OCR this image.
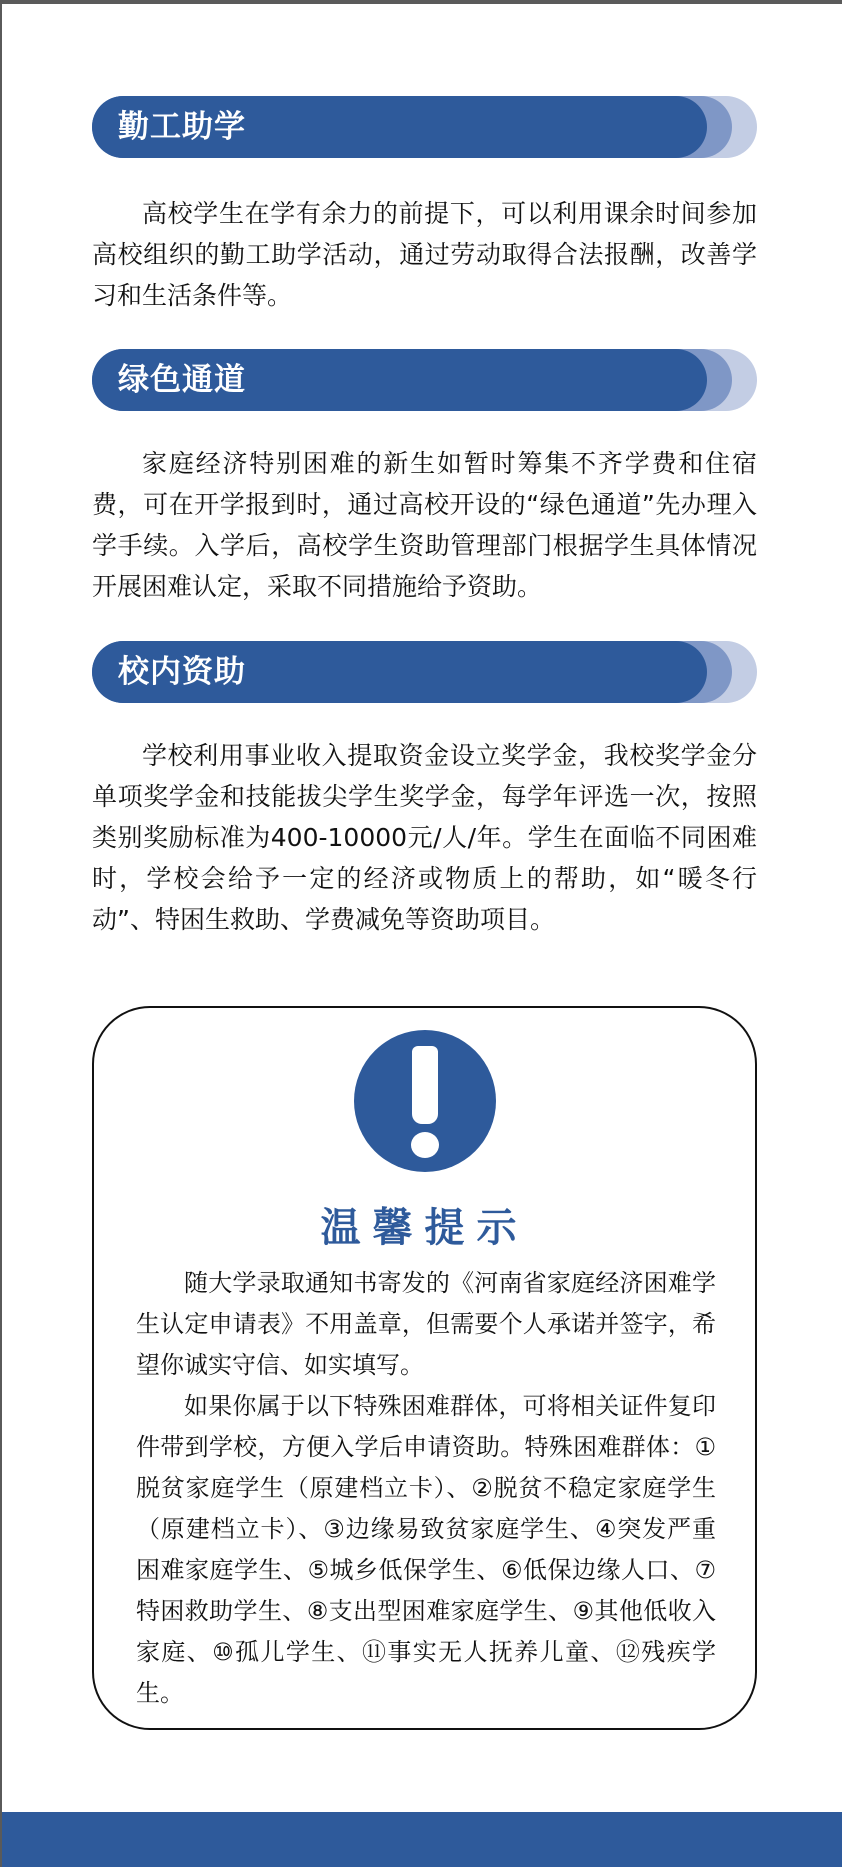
勤工助学

高校学生在学有余力的前提下，可以利用课余时间参加高校组织的勤工助学活动，通过劳动取得合法报酬，改善学习和生活条件等。

绿色通道

家庭经济特别困难的新生如暂时筹集不齐学费和住宿费，可在开学报到时，通过高校开设的“绿色通道”先办理入学手续。入学后，高校学生资助管理部门根据学生具体情况开展困难认定，采取不同措施给予资助。

校内资助

学校利用事业收入提取资金设立奖学金，我校奖学金分单项奖学金和技能拔尖学生奖学金，每学年评选一次，按照类别奖励标准为400-10000元/人/年。学生在面临不同困难时，学校会给予一定的经济或物质上的帮助，如“暖冬行动”、特困生救助、学费减免等资助项目。

温馨提示

随大学录取通知书寄发的《河南省家庭经济困难学生认定申请表》不用盖章，但需要个人承诺并签字，希望你诚实守信、如实填写。

如果你属于以下特殊困难群体，可将相关证件复印件带到学校，方便入学后申请资助。特殊困难群体：①脱贫家庭学生（原建档立卡）、②脱贫不稳定家庭学生（原建档立卡）、③边缘易致贫家庭学生、④突发严重困难家庭学生、⑤城乡低保学生、⑥低保边缘人口、⑦特困救助学生、⑧支出型困难家庭学生、⑨其他低收入家庭、⑩孤儿学生、⑪事实无人抚养儿童、⑫残疾学生。
